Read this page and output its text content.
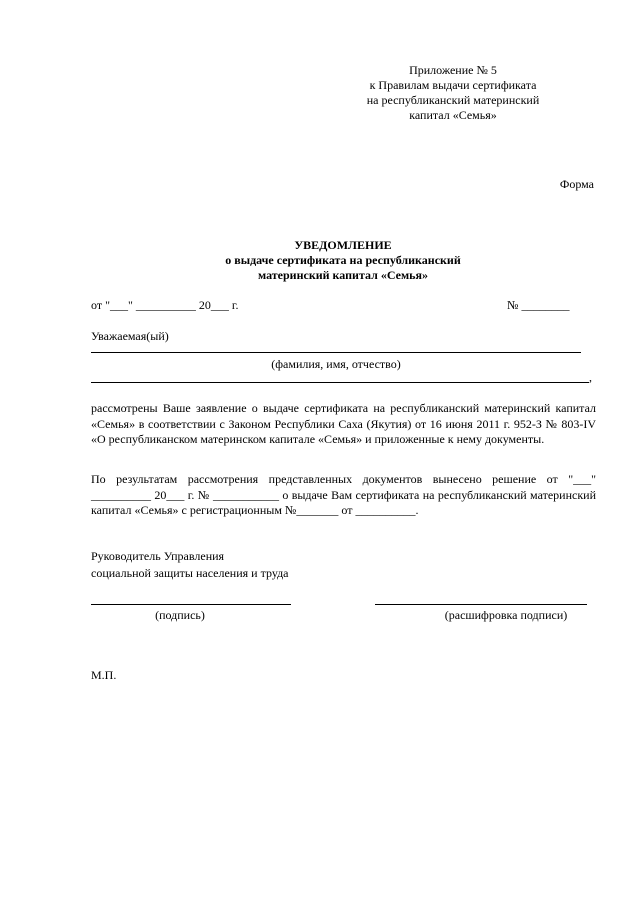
Приложение № 5
к Правилам выдачи сертификата
на республиканский материнский
капитал «Семья»
Форма
УВЕДОМЛЕНИЕ
о выдаче сертификата на республиканский
материнский капитал «Семья»
от "___" __________ 20___ г.	№ ________
Уважаемая(ый)
(фамилия, имя, отчество)
,
рассмотрены Ваше заявление о выдаче сертификата на республиканский материнский капитал «Семья» в соответствии с Законом Республики Саха (Якутия) от 16 июня 2011 г. 952-З № 803-IV «О республиканском материнском капитале «Семья» и приложенные к нему документы.
По результатам рассмотрения представленных документов вынесено решение от "___" __________ 20___ г. № ___________ о выдаче Вам сертификата на республиканский материнский капитал «Семья» с регистрационным №_______ от __________.
Руководитель Управления
социальной защиты населения и труда
(подпись)	(расшифровка подписи)
М.П.
